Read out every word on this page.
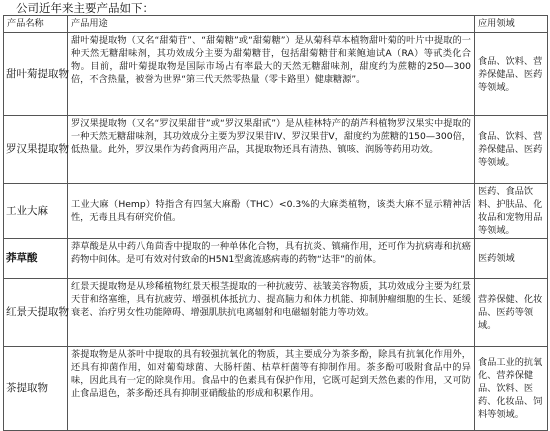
公司近年来主要产品如下：
产品名称	产品用途	应用领域
甜叶菊提取物	甜叶菊提取物（又名“甜菊苷”、“甜菊糖”或“甜菊糖”）是从菊科草本植物甜叶菊的叶片中提取的一种天然无糖甜味剂，其功效成分主要为甜菊糖苷，包括甜菊糖苷和莱鲍迪试A（RA）等甙类化合物。目前，甜叶菊提取物是国际市场占有率最大的天然无糖甜味剂，甜度约为蔗糖的250—300倍，不含热量，被誉为世界“第三代天然零热量（零卡路里）健康糖源”。	食品、饮料、营养保健品、医药等领域。
罗汉果提取物	罗汉果提取物（又名“罗汉果甜苷”或“罗汉果甜甙”）是从桂林特产的葫芦科植物罗汉果实中提取的一种天然无糖甜味剂，其功效成分主要为罗汉果苷IV、罗汉果苷V，甜度约为蔗糖的150—300倍，低热量。此外，罗汉果作为药食两用产品，其提取物还具有清热、镇咳、润肠等药用功效。	食品、饮料、营养保健品、医药等领域。
工业大麻	工业大麻（Hemp）特指含有四氢大麻酚（THC）<0.3%的大麻类植物，该类大麻不显示精神活性，无毒且具有研究价值。	医药、食品饮料、护肤品、化妆品和宠物用品等领域。
莽草酸	莽草酸是从中药八角茴香中提取的一种单体化合物，具有抗炎、镇痛作用，还可作为抗病毒和抗癌药物中间体。是可有效对付致命的H5N1型禽流感病毒的药物“达菲”的前体。	医药领域
红景天提取物	红景天提取物是从珍稀植物红景天根茎提取的一种抗疲劳、祛皱美容物质，其功效成分主要为红景天苷和络塞维，具有抗疲劳、增强机体抵抗力、提高脑力和体力机能、抑制肿瘤细胞的生长、延缓衰老、治疗男女性功能障碍、增强肌肤抗电离辐射和电磁辐射能力等功效。	营养保健、化妆品、医药等领域。
茶提取物	茶提取物是从茶叶中提取的具有较强抗氧化的物质，其主要成分为茶多酚，除具有抗氧化作用外，还具有抑菌作用，如对葡萄球菌、大肠杆菌、枯草杆菌等有抑制作用。茶多酚可吸附食品中的异味，因此具有一定的除臭作用。食品中的色素具有保护作用，它既可起到天然色素的作用，又可防止食品退色，茶多酚还具有抑制亚硝酸盐的形成和积累作用。	食品工业的抗氧化、营养保健品、饮料、医药、化妆品、饲料等领域。
